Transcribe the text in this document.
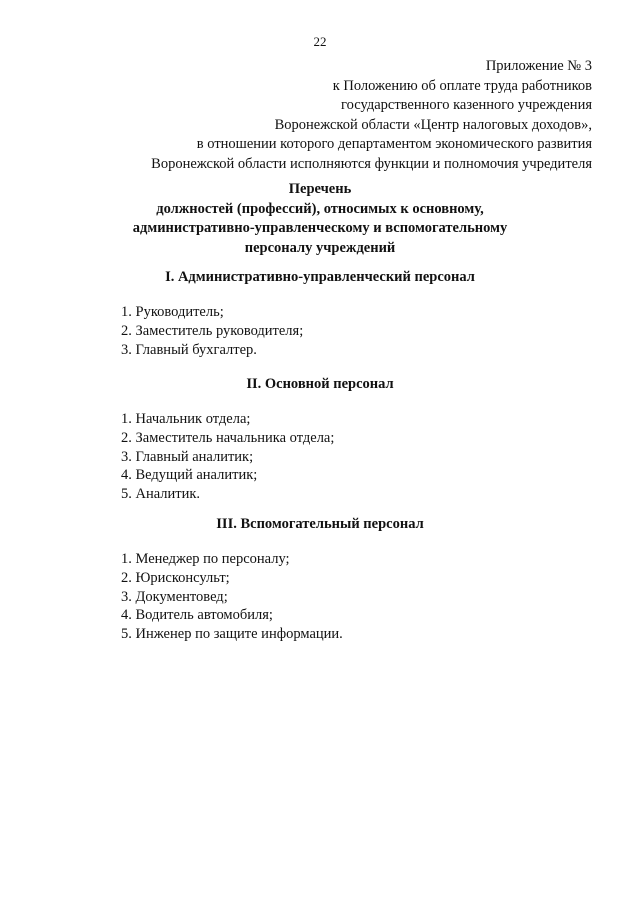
22
Приложение № 3
к Положению об оплате труда работников
государственного казенного учреждения
Воронежской области «Центр налоговых доходов»,
в отношении которого департаментом экономического развития
Воронежской области исполняются функции и полномочия учредителя
Перечень
должностей (профессий), относимых к основному,
административно-управленческому и вспомогательному
персоналу учреждений
I. Административно-управленческий персонал
1. Руководитель;
2. Заместитель руководителя;
3. Главный бухгалтер.
II. Основной персонал
1. Начальник отдела;
2. Заместитель начальника отдела;
3. Главный аналитик;
4. Ведущий аналитик;
5. Аналитик.
III. Вспомогательный персонал
1. Менеджер по персоналу;
2. Юрисконсульт;
3. Документовед;
4. Водитель автомобиля;
5. Инженер по защите информации.
